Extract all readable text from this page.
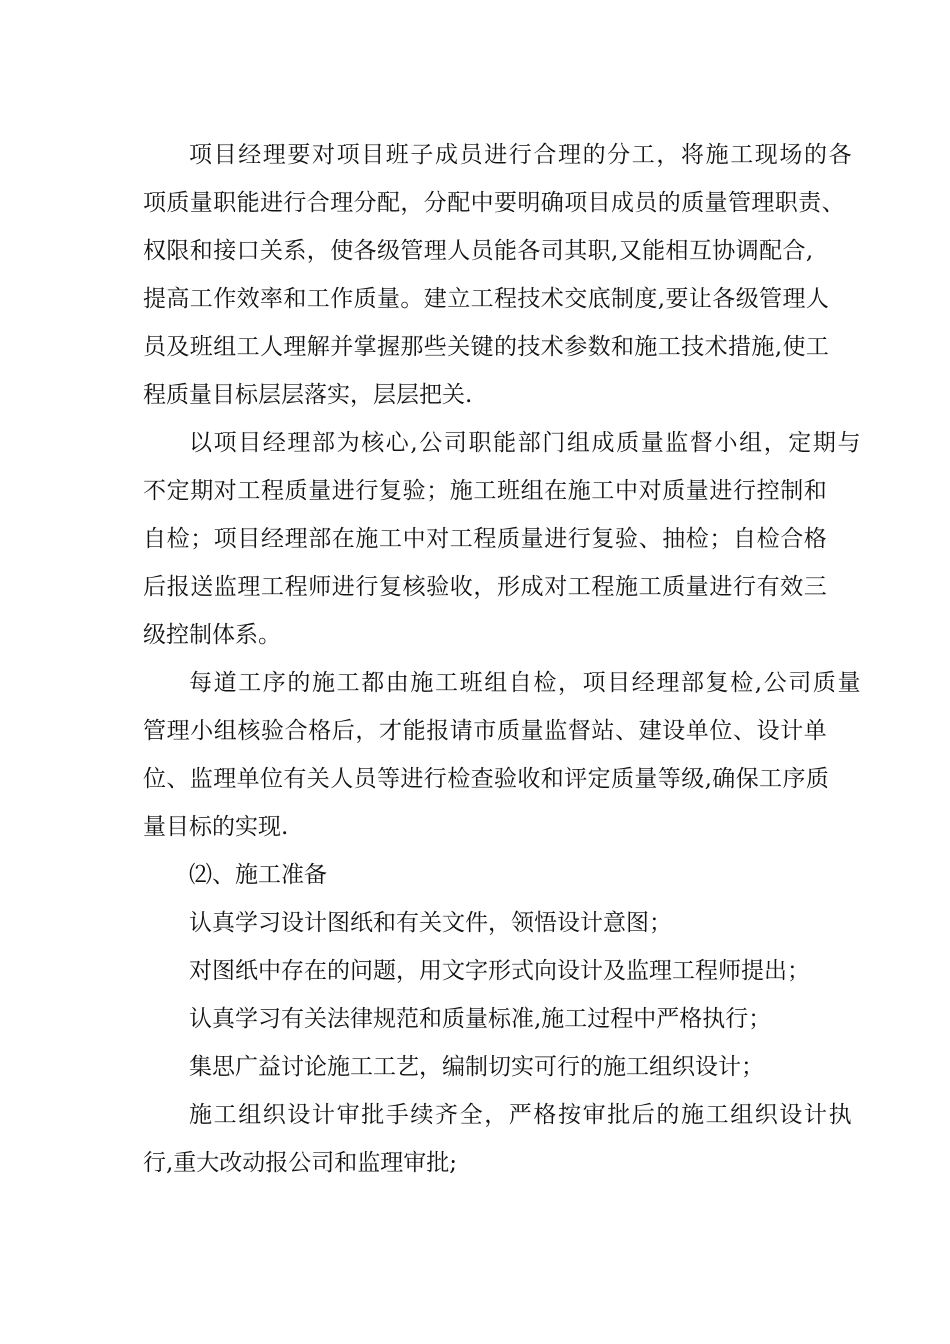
项目经理要对项目班子成员进行合理的分工，将施工现场的各
项质量职能进行合理分配，分配中要明确项目成员的质量管理职责、
权限和接口关系，使各级管理人员能各司其职,又能相互协调配合,
提高工作效率和工作质量。建立工程技术交底制度,要让各级管理人
员及班组工人理解并掌握那些关键的技术参数和施工技术措施,使工
程质量目标层层落实，层层把关.
以项目经理部为核心,公司职能部门组成质量监督小组，定期与
不定期对工程质量进行复验；施工班组在施工中对质量进行控制和
自检；项目经理部在施工中对工程质量进行复验、抽检；自检合格
后报送监理工程师进行复核验收，形成对工程施工质量进行有效三
级控制体系。
每道工序的施工都由施工班组自检，项目经理部复检,公司质量
管理小组核验合格后，才能报请市质量监督站、建设单位、设计单
位、监理单位有关人员等进行检查验收和评定质量等级,确保工序质
量目标的实现.
⑵、施工准备
认真学习设计图纸和有关文件，领悟设计意图；
对图纸中存在的问题，用文字形式向设计及监理工程师提出；
认真学习有关法律规范和质量标准,施工过程中严格执行；
集思广益讨论施工工艺，编制切实可行的施工组织设计；
施工组织设计审批手续齐全，严格按审批后的施工组织设计执
行,重大改动报公司和监理审批;
